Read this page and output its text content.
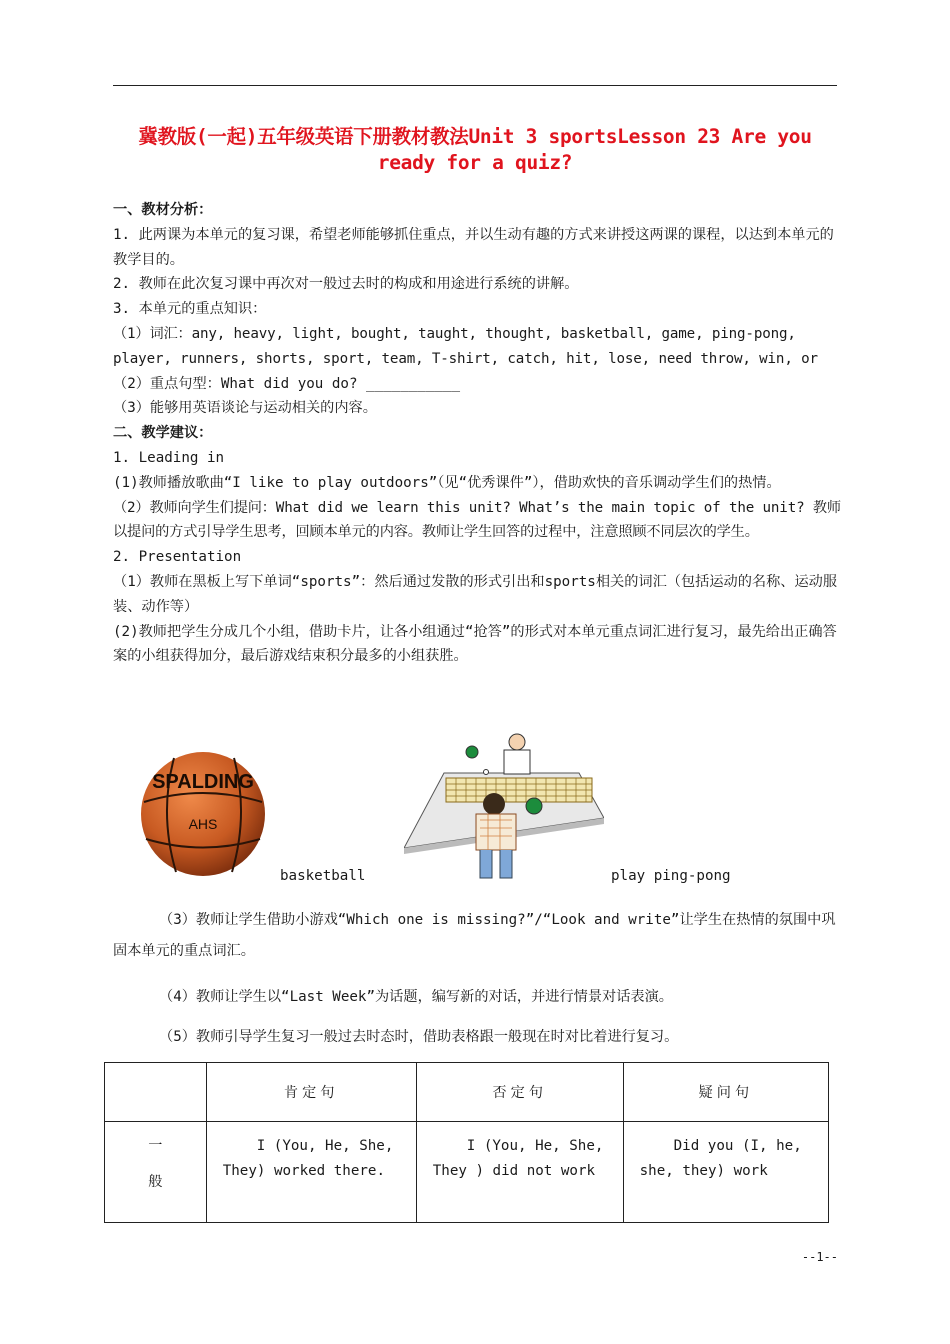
冀教版(一起)五年级英语下册教材教法Unit 3 sportsLesson 23 Are you ready for a quiz?

一、教材分析：

1. 此两课为本单元的复习课，希望老师能够抓住重点，并以生动有趣的方式来讲授这两课的课程，以达到本单元的教学目的。

2. 教师在此次复习课中再次对一般过去时的构成和用途进行系统的讲解。

3. 本单元的重点知识：

（1）词汇：any, heavy, light, bought, taught, thought, basketball, game, ping-pong, player, runners, shorts, sport, team, T-shirt, catch, hit, lose, need throw, win, or

（2）重点句型：What did you do? ___________

（3）能够用英语谈论与运动相关的内容。

二、教学建议：

1. Leading in

(1)教师播放歌曲“I like to play outdoors”（见“优秀课件”），借助欢快的音乐调动学生们的热情。

（2）教师向学生们提问：What did we learn this unit? What’s the main topic of the unit? 教师以提问的方式引导学生思考，回顾本单元的内容。教师让学生回答的过程中，注意照顾不同层次的学生。

2. Presentation

（1）教师在黑板上写下单词“sports”：然后通过发散的形式引出和sports相关的词汇（包括运动的名称、运动服装、动作等）

(2)教师把学生分成几个小组，借助卡片，让各小组通过“抢答”的形式对本单元重点词汇进行复习，最先给出正确答案的小组获得加分，最后游戏结束积分最多的小组获胜。

SPALDING
AHS
basketball	play ping-pong

（3）教师让学生借助小游戏“Which one is missing?”/“Look and write”让学生在热情的氛围中巩固本单元的重点词汇。

（4）教师让学生以“Last Week”为话题，编写新的对话，并进行情景对话表演。

（5）教师引导学生复习一般过去时态时，借助表格跟一般现在时对比着进行复习。

	肯定句	否定句	疑问句
一
般	I (You, He, She, They) worked there.	I (You, He, She, They ) did not work	Did you (I, he, she, they) work
--1--
